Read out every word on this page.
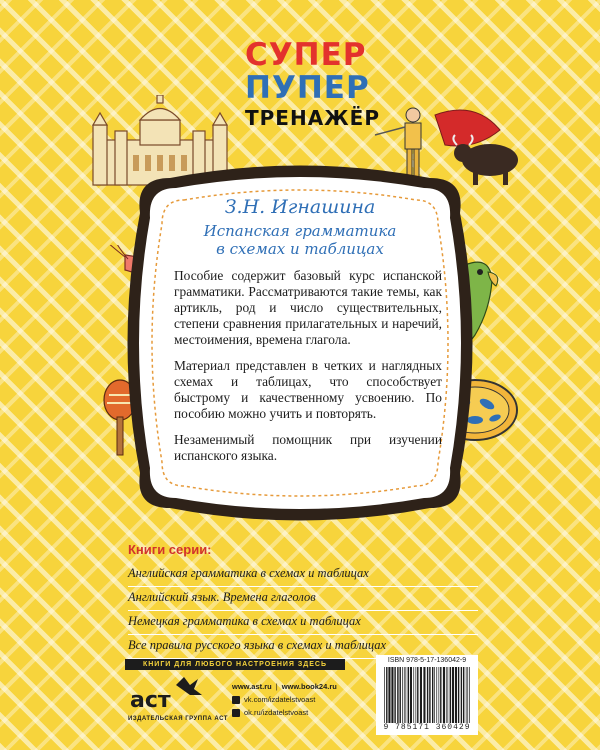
СУПЕР
ПУПЕР
ТРЕНАЖЁР
З.Н. Игнашина
Испанская грамматика
в схемах и таблицах

Пособие содержит базовый курс испанской грамматики. Рассматриваются такие темы, как артикль, род и число существительных, степени сравнения прилагательных и наречий, местоимения, времена глагола.

Материал представлен в четких и наглядных схемах и таблицах, что способствует быстрому и качественному усвоению. По пособию можно учить и повторять.

Незаменимый помощник при изучении испанского языка.

Книги серии:
Английская грамматика в схемах и таблицах
Английский язык. Времена глаголов
Немецкая грамматика в схемах и таблицах
Все правила русского языка в схемах и таблицах
КНИГИ ДЛЯ ЛЮБОГО НАСТРОЕНИЯ ЗДЕСЬ
аст
ИЗДАТЕЛЬСКАЯ ГРУППА АСТ
www.ast.ru | www.book24.ru
vk.com/izdatelstvoast
ok.ru/izdatelstvoast
ISBN 978-5-17-136042-9
9 785171 360429
